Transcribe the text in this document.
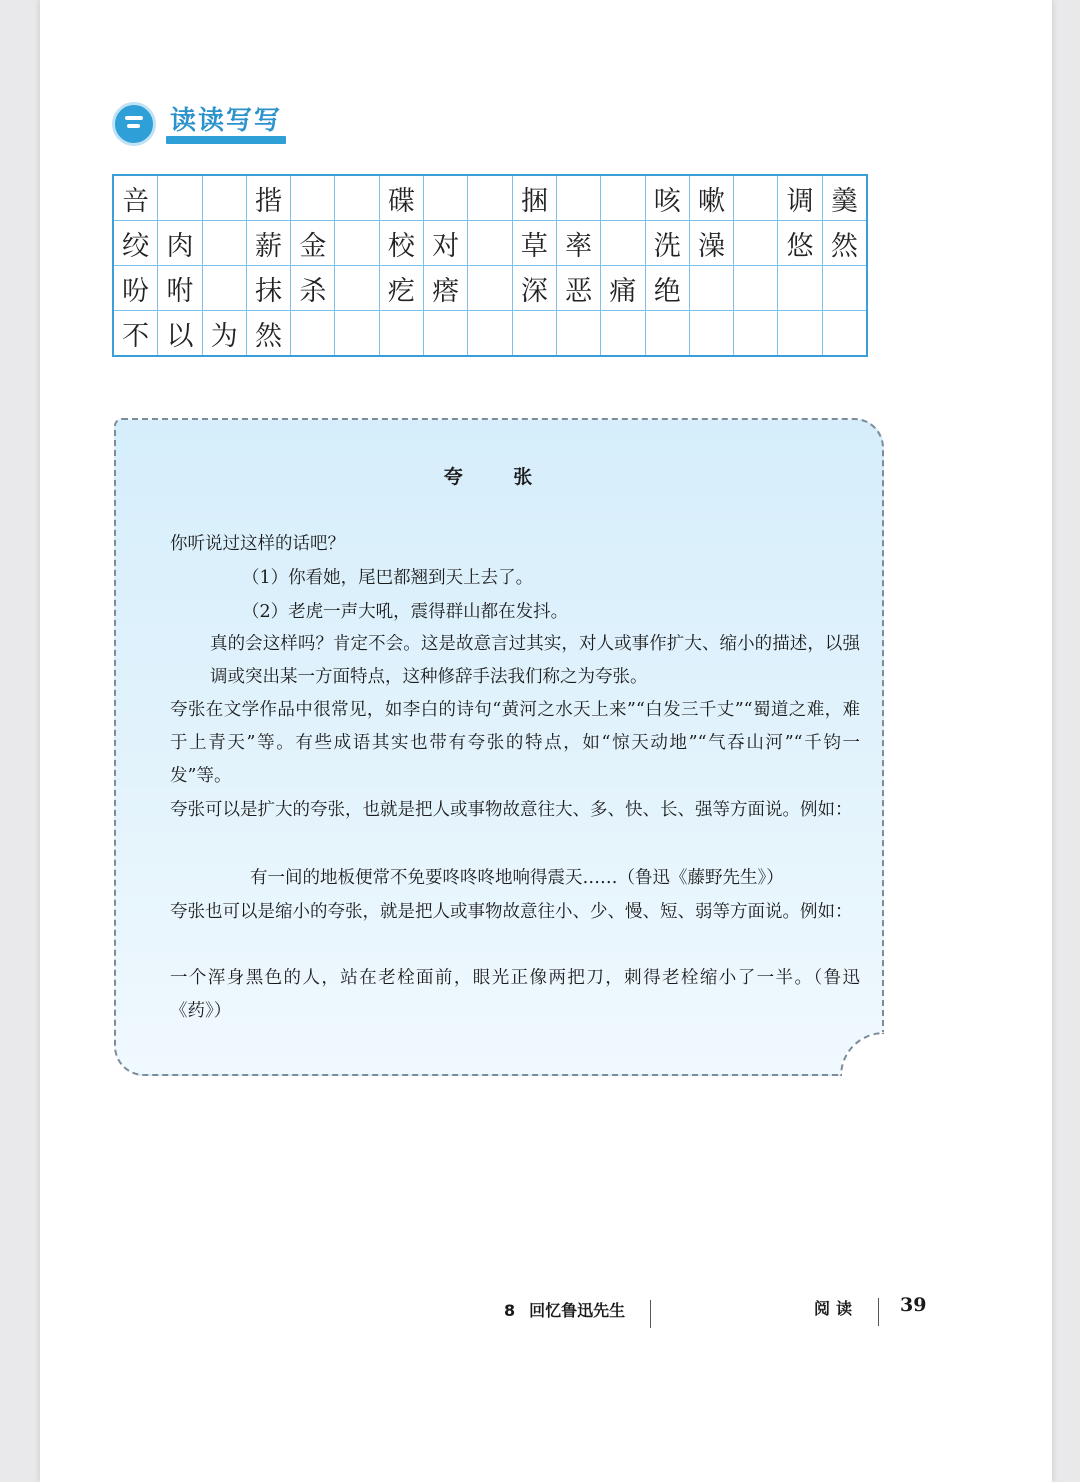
读读写写
咅			揩			碟			捆			咳	嗽		调	羹
绞	肉		薪	金		校	对		草	率		洗	澡		悠	然
吩	咐		抹	杀		疙	瘩		深	恶	痛	绝				
不	以	为	然													
夸 张
你听说过这样的话吧？
（1）你看她，尾巴都翘到天上去了。
（2）老虎一声大吼，震得群山都在发抖。
真的会这样吗？肯定不会。这是故意言过其实，对人或事作扩大、缩小的描述，以强调或突出某一方面特点，这种修辞手法我们称之为夸张。
夸张在文学作品中很常见，如李白的诗句“黄河之水天上来”“白发三千丈”“蜀道之难，难于上青天”等。有些成语其实也带有夸张的特点，如“惊天动地”“气吞山河”“千钧一发”等。
夸张可以是扩大的夸张，也就是把人或事物故意往大、多、快、长、强等方面说。例如：
有一间的地板便常不免要咚咚咚地响得震天……（鲁迅《藤野先生》）
夸张也可以是缩小的夸张，就是把人或事物故意往小、少、慢、短、弱等方面说。例如：
一个浑身黑色的人，站在老栓面前，眼光正像两把刀，刺得老栓缩小了一半。（鲁迅《药》）
8 回忆鲁迅先生	阅读 39
